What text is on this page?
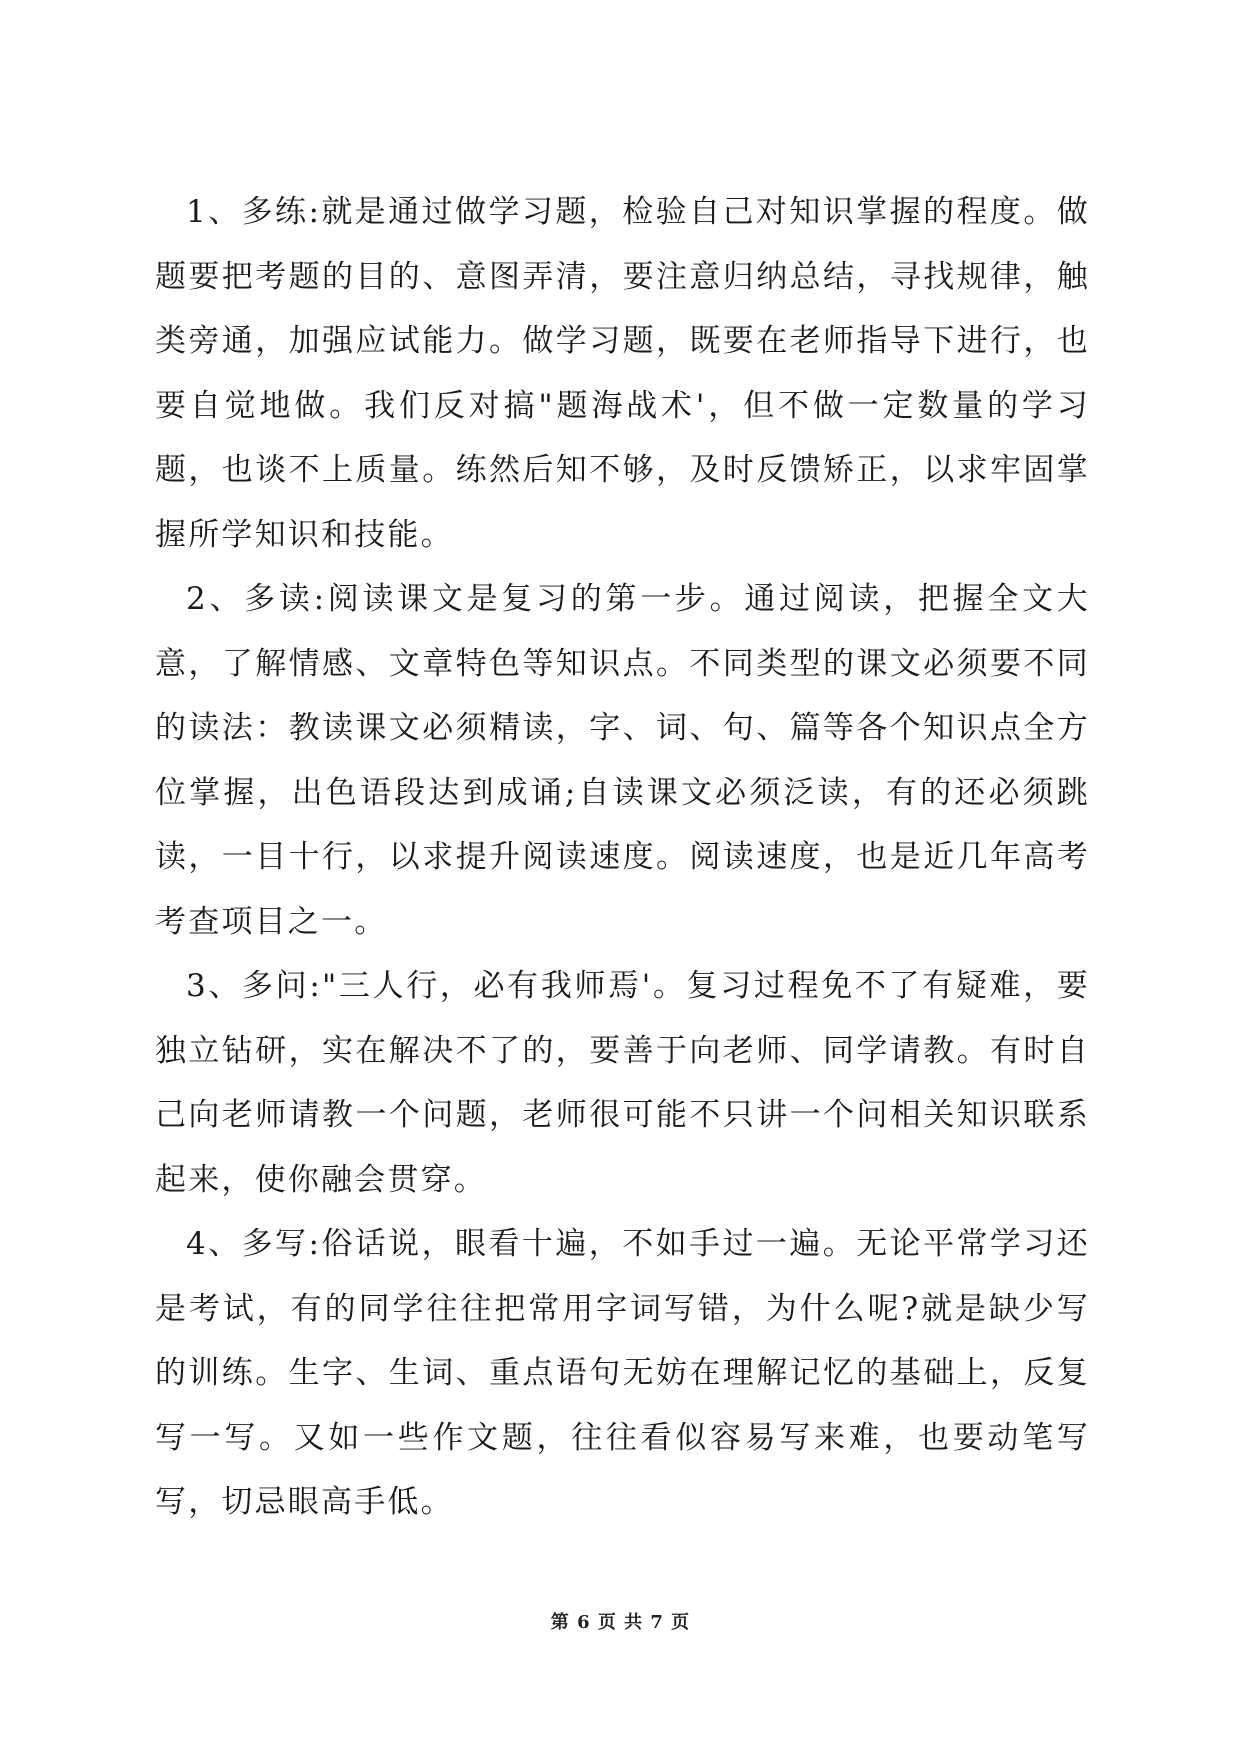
1、多练:就是通过做学习题，检验自己对知识掌握的程度。做题要把考题的目的、意图弄清，要注意归纳总结，寻找规律，触类旁通，加强应试能力。做学习题，既要在老师指导下进行，也要自觉地做。我们反对搞"题海战术'，但不做一定数量的学习题，也谈不上质量。练然后知不够，及时反馈矫正，以求牢固掌握所学知识和技能。

2、多读:阅读课文是复习的第一步。通过阅读，把握全文大意，了解情感、文章特色等知识点。不同类型的课文必须要不同的读法：教读课文必须精读，字、词、句、篇等各个知识点全方位掌握，出色语段达到成诵;自读课文必须泛读，有的还必须跳读，一目十行，以求提升阅读速度。阅读速度，也是近几年高考考查项目之一。

3、多问:"三人行，必有我师焉'。复习过程免不了有疑难，要独立钻研，实在解决不了的，要善于向老师、同学请教。有时自己向老师请教一个问题，老师很可能不只讲一个问相关知识联系起来，使你融会贯穿。

4、多写:俗话说，眼看十遍，不如手过一遍。无论平常学习还是考试，有的同学往往把常用字词写错，为什么呢?就是缺少写的训练。生字、生词、重点语句无妨在理解记忆的基础上，反复写一写。又如一些作文题，往往看似容易写来难，也要动笔写写，切忌眼高手低。

第 6 页 共 7 页
